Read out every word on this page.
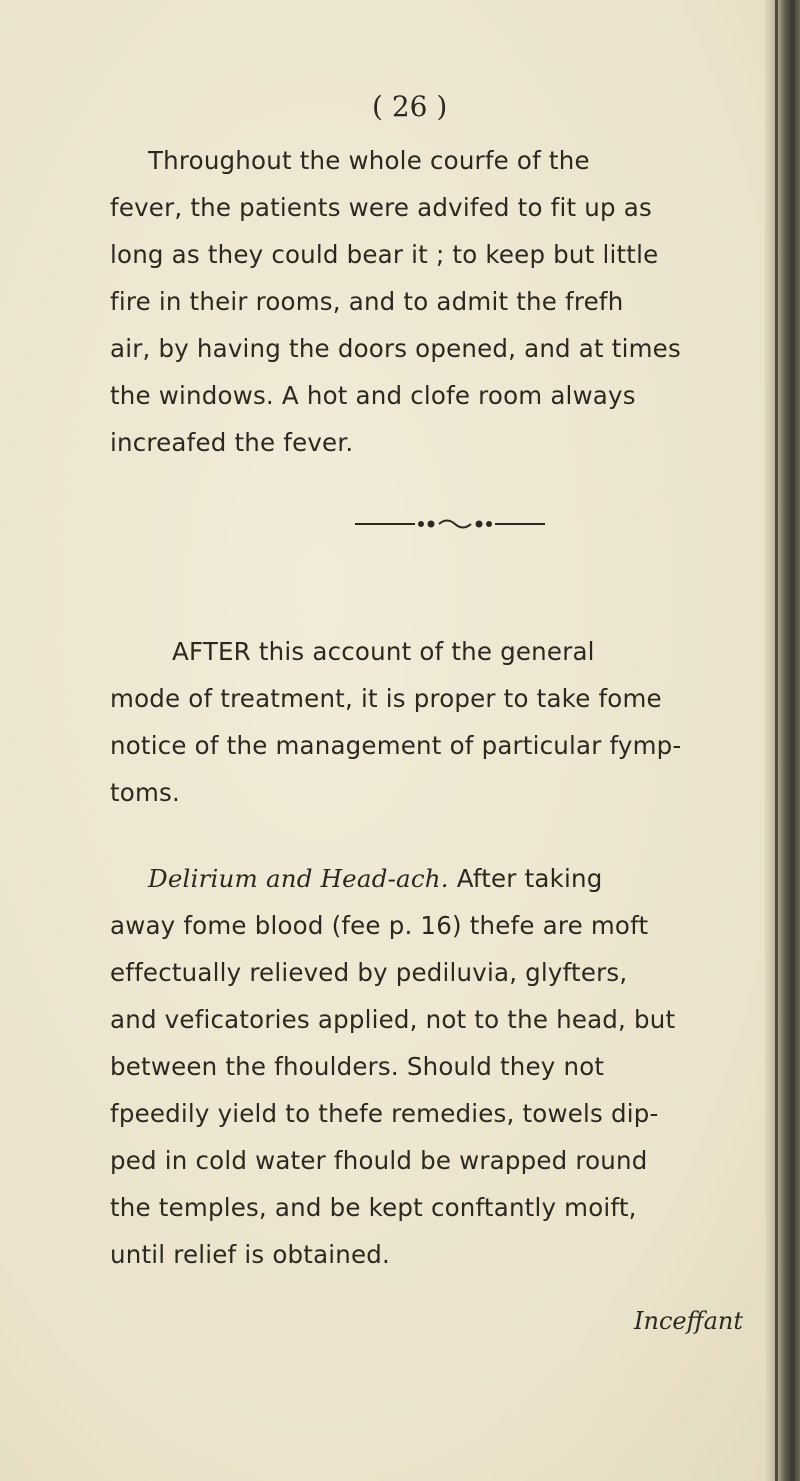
( 26 )
Throughout the whole courfe of the
fever, the patients were advifed to fit up as
long as they could bear it ; to keep but little
fire in their rooms, and to admit the frefh
air, by having the doors opened, and at times
the windows. A hot and clofe room always
increafed the fever.
AFTER this account of the general
mode of treatment, it is proper to take fome
notice of the management of particular fymp-
toms.
Delirium and Head-ach. After taking
away fome blood (fee p. 16) thefe are moft
effectually relieved by pediluvia, glyfters,
and veficatories applied, not to the head, but
between the fhoulders. Should they not
fpeedily yield to thefe remedies, towels dip-
ped in cold water fhould be wrapped round
the temples, and be kept conftantly moift,
until relief is obtained.
Inceffant
